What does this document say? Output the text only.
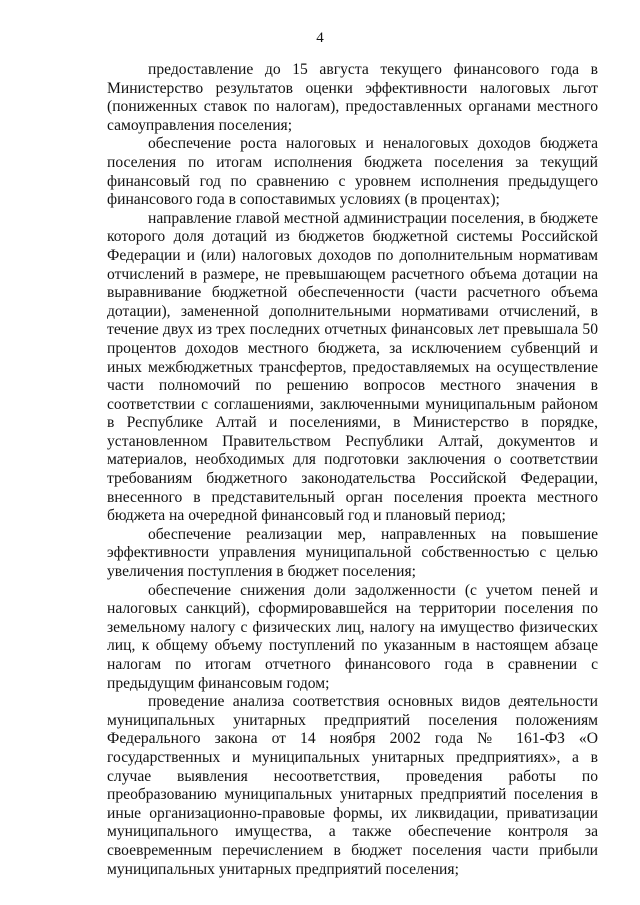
4

предоставление до 15 августа текущего финансового года в Министерство результатов оценки эффективности налоговых льгот (пониженных ставок по налогам), предоставленных органами местного самоуправления поселения;

обеспечение роста налоговых и неналоговых доходов бюджета поселения по итогам исполнения бюджета поселения за текущий финансовый год по сравнению с уровнем исполнения предыдущего финансового года в сопоставимых условиях (в процентах);

направление главой местной администрации поселения, в бюджете которого доля дотаций из бюджетов бюджетной системы Российской Федерации и (или) налоговых доходов по дополнительным нормативам отчислений в размере, не превышающем расчетного объема дотации на выравнивание бюджетной обеспеченности (части расчетного объема дотации), замененной дополнительными нормативами отчислений, в течение двух из трех последних отчетных финансовых лет превышала 50 процентов доходов местного бюджета, за исключением субвенций и иных межбюджетных трансфертов, предоставляемых на осуществление части полномочий по решению вопросов местного значения в соответствии с соглашениями, заключенными муниципальным районом в Республике Алтай и поселениями, в Министерство в порядке, установленном Правительством Республики Алтай, документов и материалов, необходимых для подготовки заключения о соответствии требованиям бюджетного законодательства Российской Федерации, внесенного в представительный орган поселения проекта местного бюджета на очередной финансовый год и плановый период;

обеспечение реализации мер, направленных на повышение эффективности управления муниципальной собственностью с целью увеличения поступления в бюджет поселения;

обеспечение снижения доли задолженности (с учетом пеней и налоговых санкций), сформировавшейся на территории поселения по земельному налогу с физических лиц, налогу на имущество физических лиц, к общему объему поступлений по указанным в настоящем абзаце налогам по итогам отчетного финансового года в сравнении с предыдущим финансовым годом;

проведение анализа соответствия основных видов деятельности муниципальных унитарных предприятий поселения положениям Федерального закона от 14 ноября 2002 года № 161-ФЗ «О государственных и муниципальных унитарных предприятиях», а в случае выявления несоответствия, проведения работы по преобразованию муниципальных унитарных предприятий поселения в иные организационно-правовые формы, их ликвидации, приватизации муниципального имущества, а также обеспечение контроля за своевременным перечислением в бюджет поселения части прибыли муниципальных унитарных предприятий поселения;
